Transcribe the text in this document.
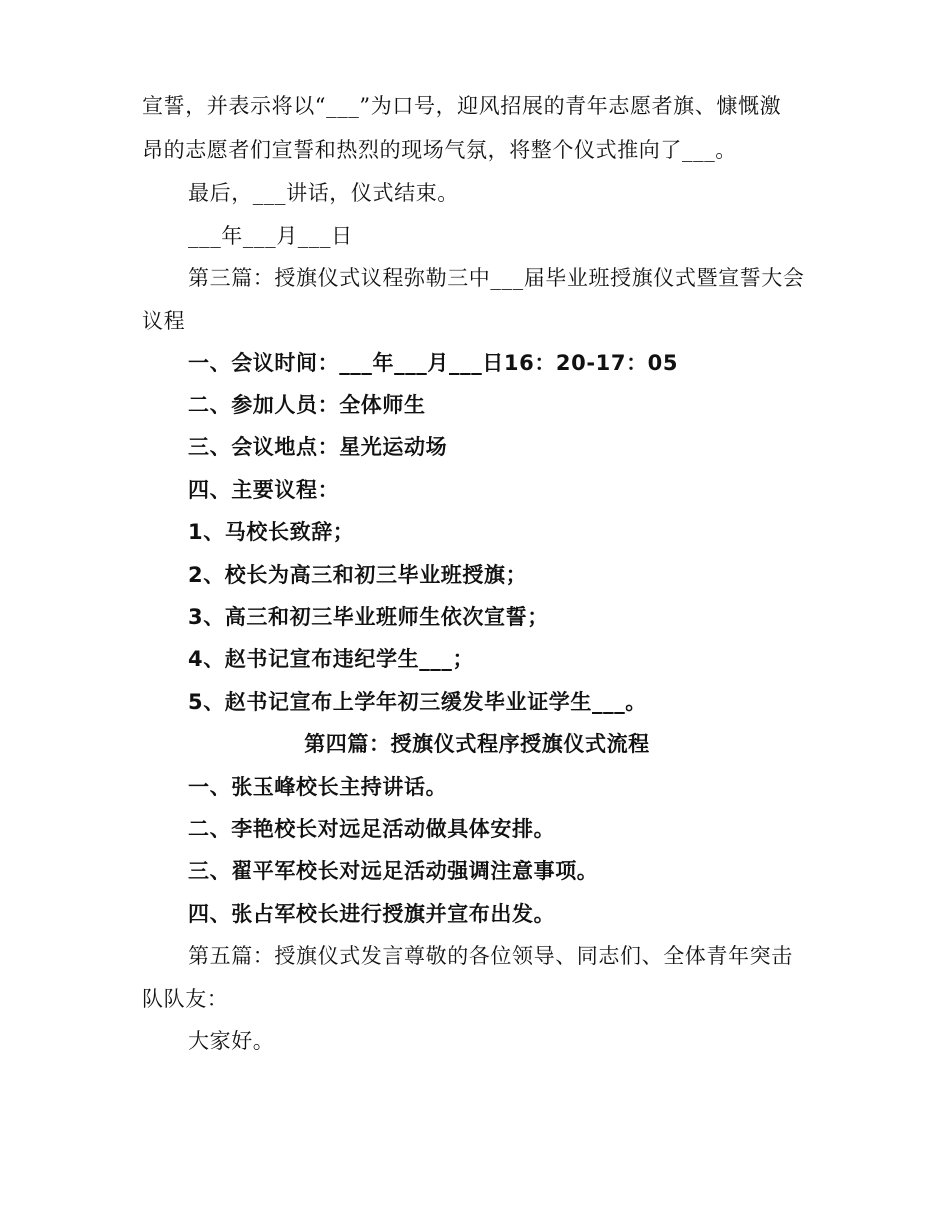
宣誓，并表示将以“___”为口号，迎风招展的青年志愿者旗、慷慨激
昂的志愿者们宣誓和热烈的现场气氛，将整个仪式推向了___。
最后，___讲话，仪式结束。
___年___月___日
第三篇：授旗仪式议程弥勒三中___届毕业班授旗仪式暨宣誓大会
议程
一、会议时间：___年___月___日16：20-17：05
二、参加人员：全体师生
三、会议地点：星光运动场
四、主要议程：
1、马校长致辞；
2、校长为高三和初三毕业班授旗；
3、高三和初三毕业班师生依次宣誓；
4、赵书记宣布违纪学生___；
5、赵书记宣布上学年初三缓发毕业证学生___。
第四篇：授旗仪式程序授旗仪式流程
一、张玉峰校长主持讲话。
二、李艳校长对远足活动做具体安排。
三、翟平军校长对远足活动强调注意事项。
四、张占军校长进行授旗并宣布出发。
第五篇：授旗仪式发言尊敬的各位领导、同志们、全体青年突击
队队友：
大家好。
